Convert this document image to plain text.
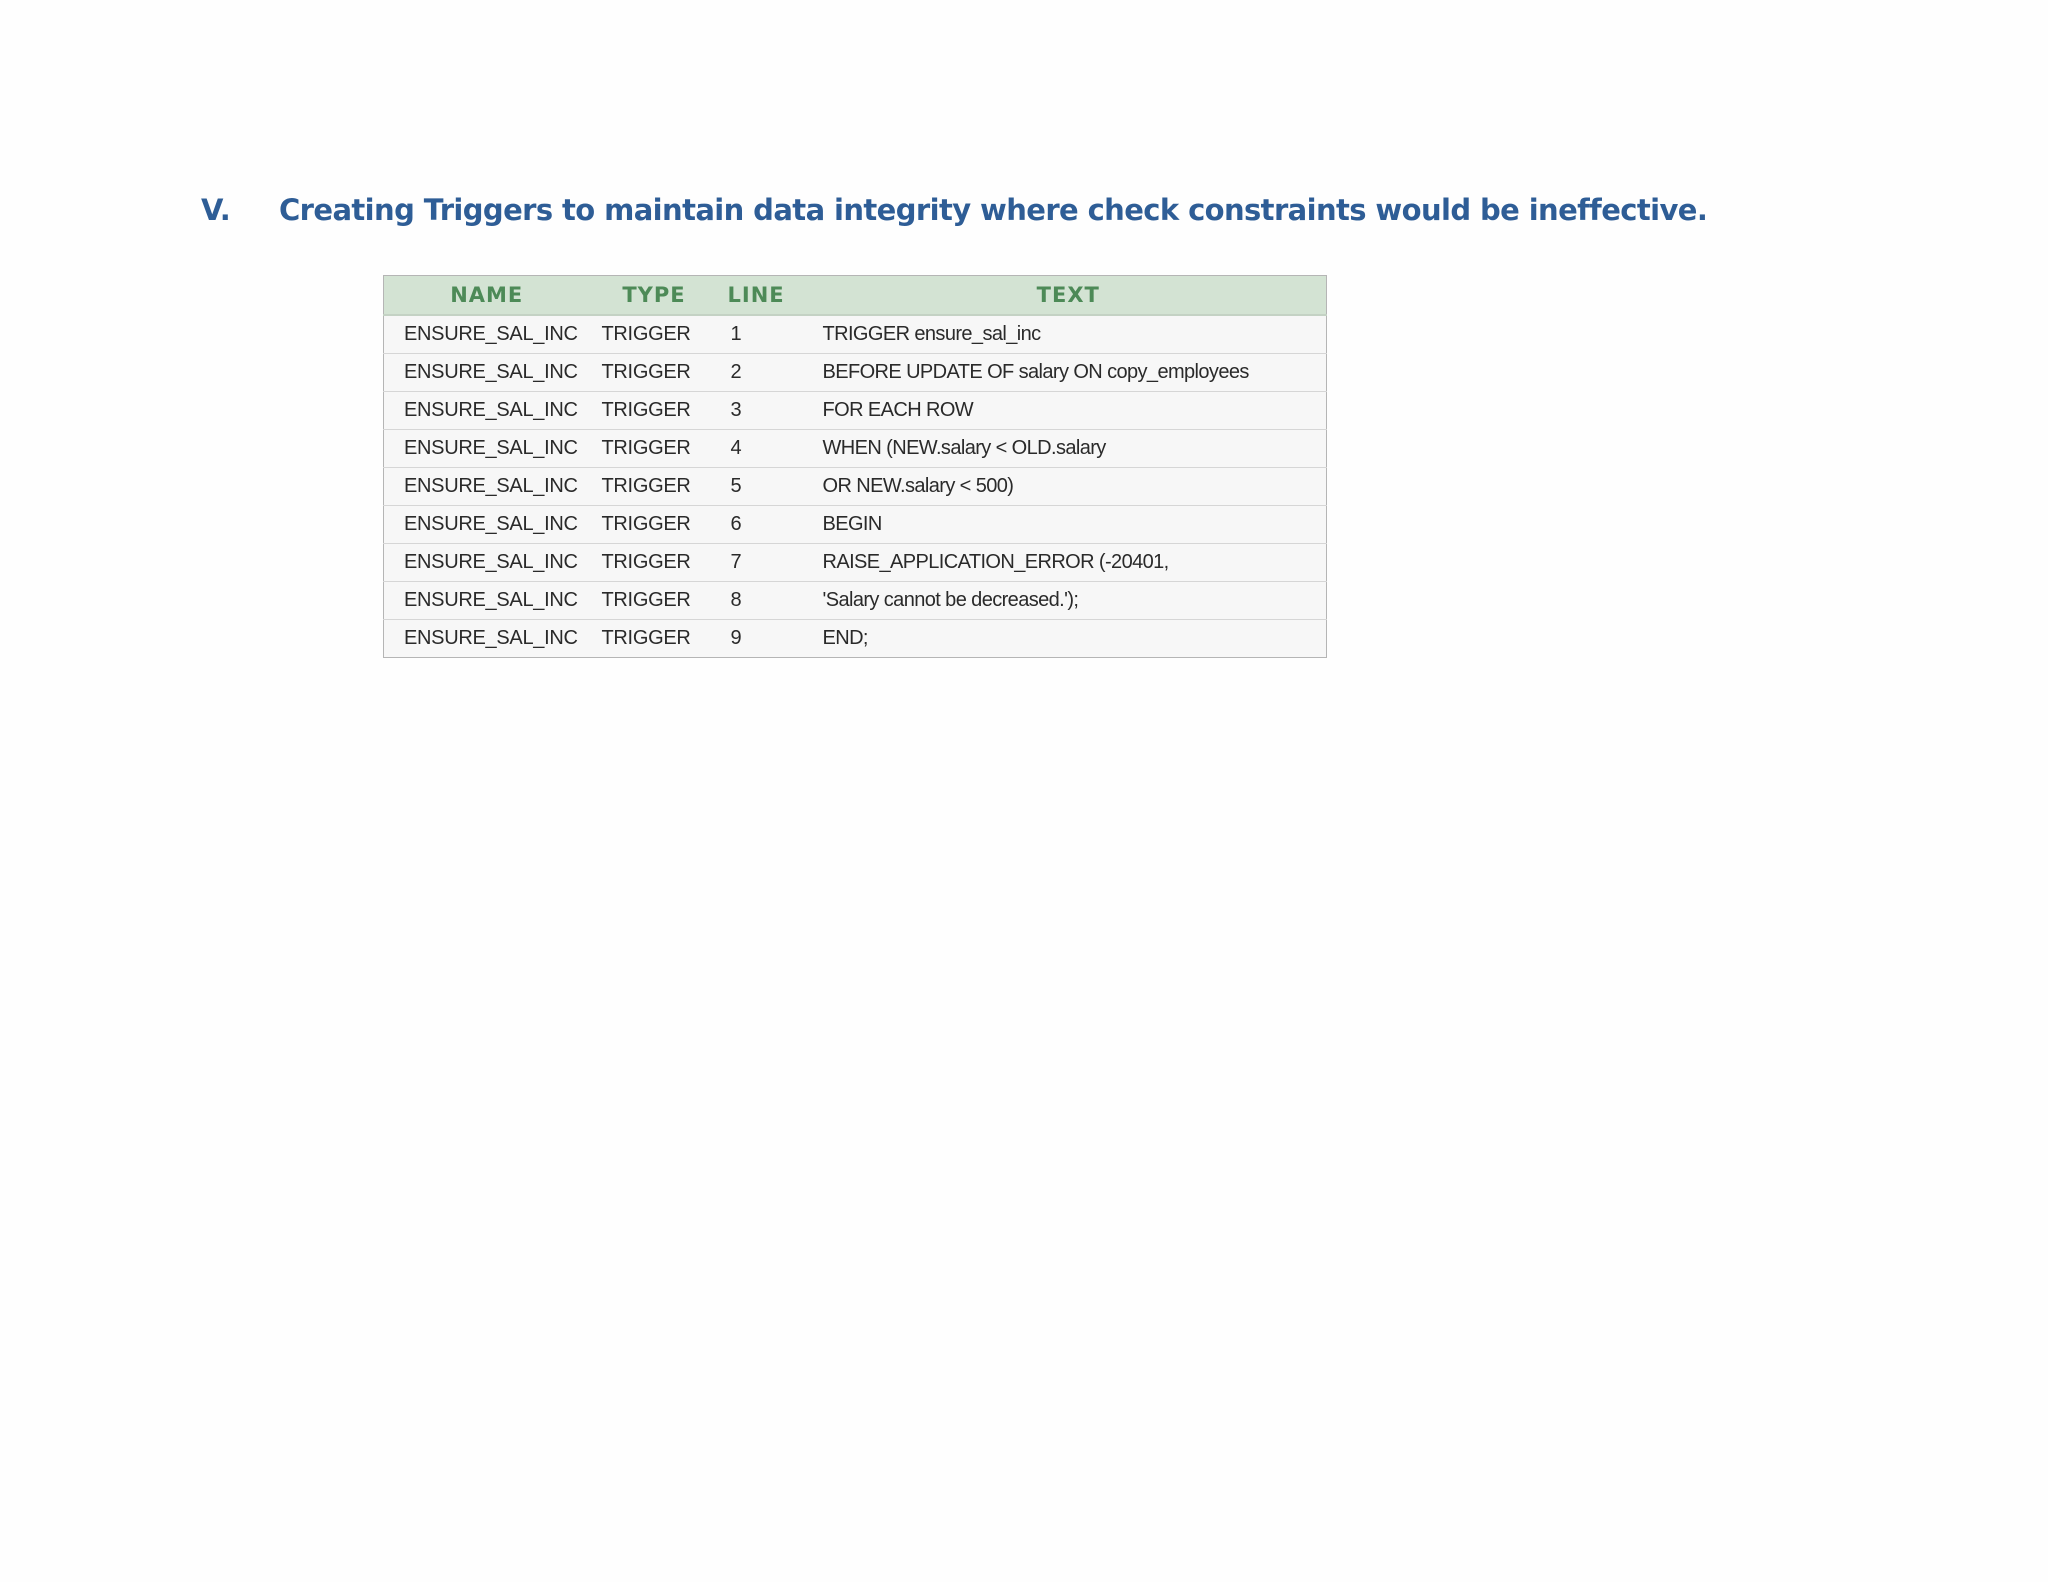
V.	Creating Triggers to maintain data integrity where check constraints would be ineffective.
NAME	TYPE	LINE	TEXT
ENSURE_SAL_INC	TRIGGER	1	TRIGGER ensure_sal_inc
ENSURE_SAL_INC	TRIGGER	2	BEFORE UPDATE OF salary ON copy_employees
ENSURE_SAL_INC	TRIGGER	3	FOR EACH ROW
ENSURE_SAL_INC	TRIGGER	4	WHEN (NEW.salary < OLD.salary
ENSURE_SAL_INC	TRIGGER	5	OR NEW.salary < 500)
ENSURE_SAL_INC	TRIGGER	6	BEGIN
ENSURE_SAL_INC	TRIGGER	7	RAISE_APPLICATION_ERROR (-20401,
ENSURE_SAL_INC	TRIGGER	8	'Salary cannot be decreased.');
ENSURE_SAL_INC	TRIGGER	9	END;
